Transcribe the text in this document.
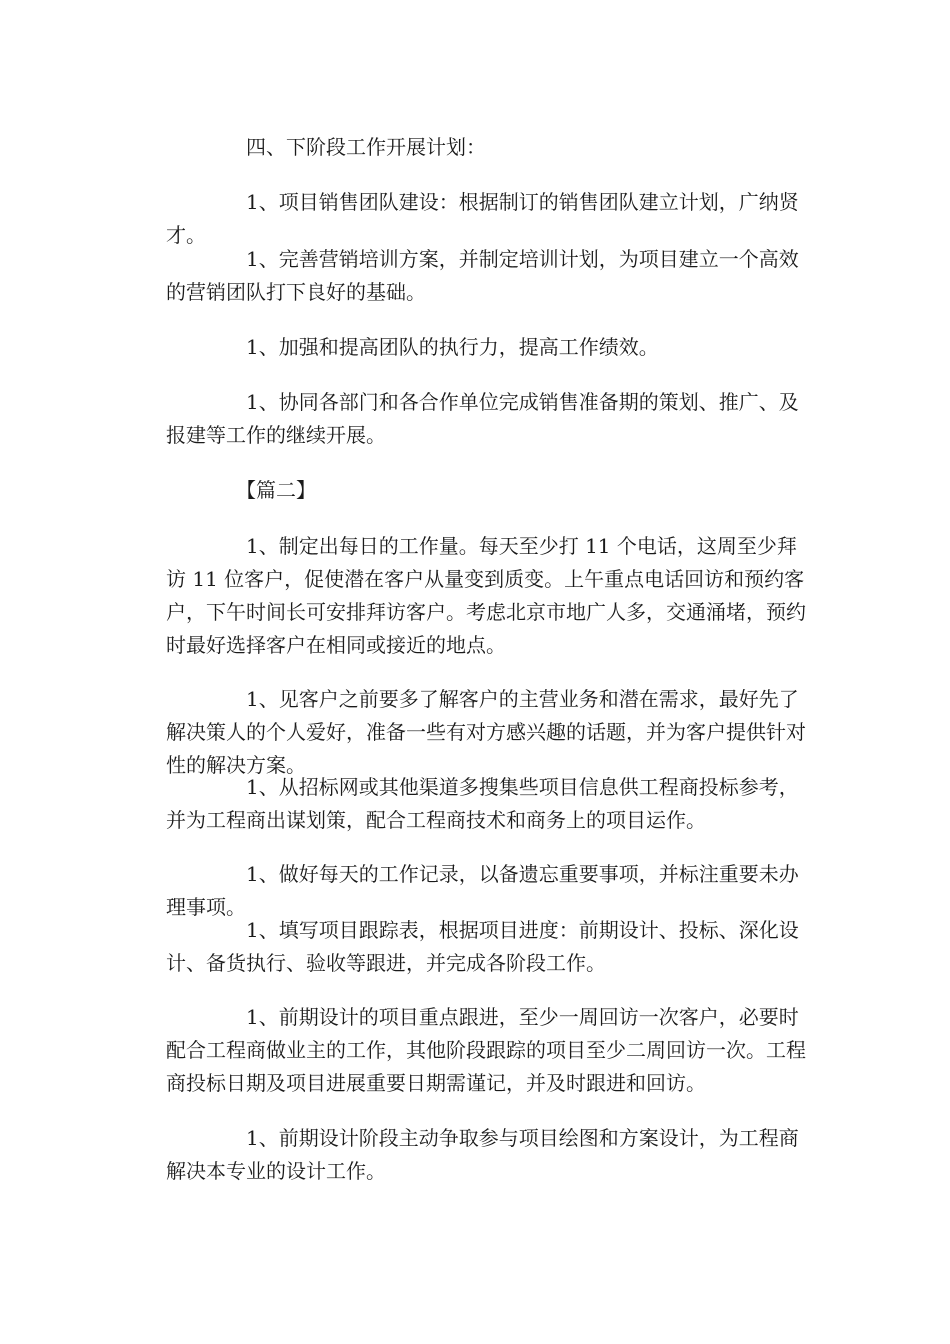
　　　　四、下阶段工作开展计划：

　　　　1、项目销售团队建设：根据制订的销售团队建立计划，广纳贤才。

　　　　1、完善营销培训方案，并制定培训计划，为项目建立一个高效的营销团队打下良好的基础。

　　　　1、加强和提高团队的执行力，提高工作绩效。

　　　　1、协同各部门和各合作单位完成销售准备期的策划、推广、及报建等工作的继续开展。

　　　　【篇二】

　　　　1、制定出每日的工作量。每天至少打 11 个电话，这周至少拜访 11 位客户，促使潜在客户从量变到质变。上午重点电话回访和预约客户，下午时间长可安排拜访客户。考虑北京市地广人多，交通涌堵，预约时最好选择客户在相同或接近的地点。

　　　　1、见客户之前要多了解客户的主营业务和潜在需求，最好先了解决策人的个人爱好，准备一些有对方感兴趣的话题，并为客户提供针对性的解决方案。

　　　　1、从招标网或其他渠道多搜集些项目信息供工程商投标参考，并为工程商出谋划策，配合工程商技术和商务上的项目运作。

　　　　1、做好每天的工作记录，以备遗忘重要事项，并标注重要未办理事项。

　　　　1、填写项目跟踪表，根据项目进度：前期设计、投标、深化设计、备货执行、验收等跟进，并完成各阶段工作。

　　　　1、前期设计的项目重点跟进，至少一周回访一次客户，必要时配合工程商做业主的工作，其他阶段跟踪的项目至少二周回访一次。工程商投标日期及项目进展重要日期需谨记，并及时跟进和回访。

　　　　1、前期设计阶段主动争取参与项目绘图和方案设计，为工程商解决本专业的设计工作。
